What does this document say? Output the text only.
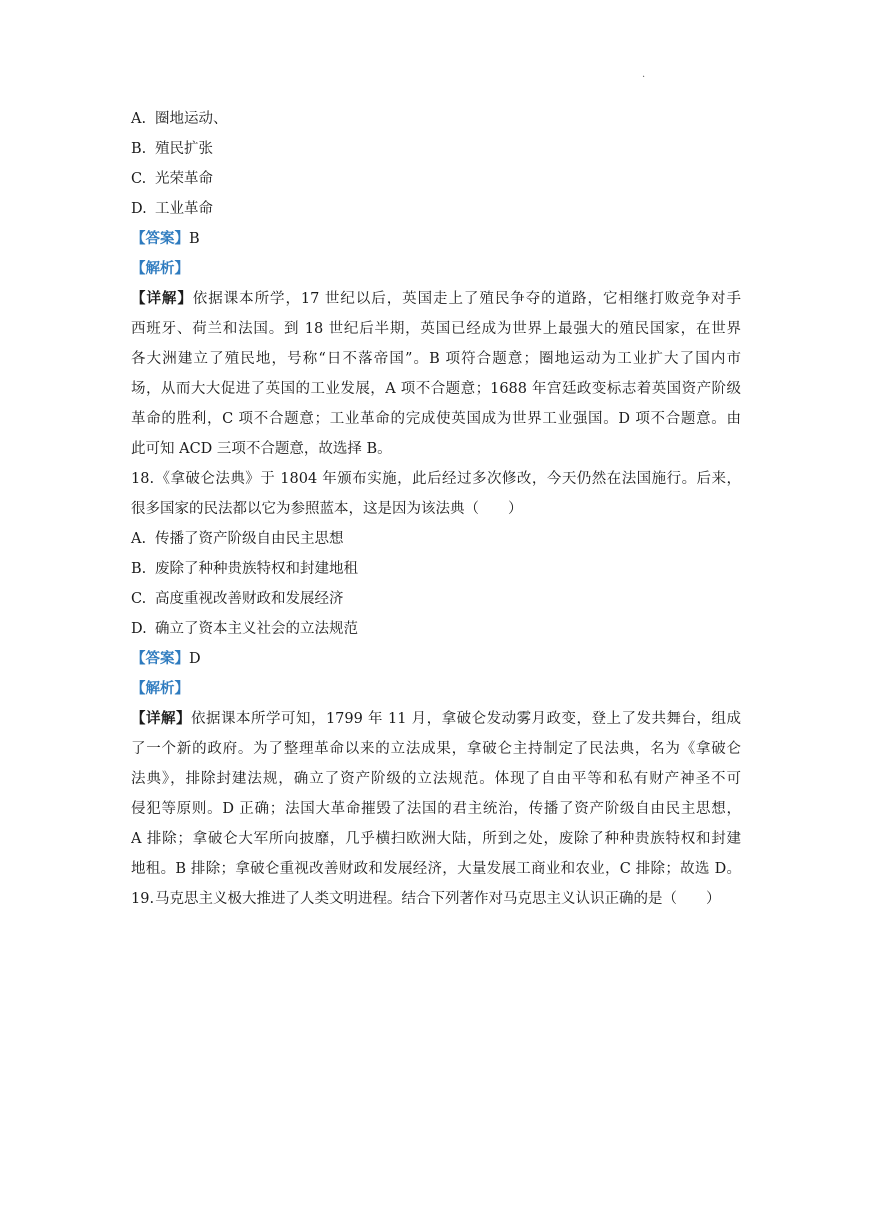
·
A. 圈地运动、
B. 殖民扩张
C. 光荣革命
D. 工业革命
【答案】B
【解析】
【详解】依据课本所学，17 世纪以后，英国走上了殖民争夺的道路，它相继打败竞争对手
西班牙、荷兰和法国。到 18 世纪后半期，英国已经成为世界上最强大的殖民国家，在世界
各大洲建立了殖民地，号称“日不落帝国”。B 项符合题意；圈地运动为工业扩大了国内市
场，从而大大促进了英国的工业发展，A 项不合题意；1688 年宫廷政变标志着英国资产阶级
革命的胜利，C 项不合题意；工业革命的完成使英国成为世界工业强国。D 项不合题意。由
此可知 ACD 三项不合题意，故选择 B。
18.《拿破仑法典》于 1804 年颁布实施，此后经过多次修改，今天仍然在法国施行。后来，
很多国家的民法都以它为参照蓝本，这是因为该法典（　　）
A. 传播了资产阶级自由民主思想
B. 废除了种种贵族特权和封建地租
C. 高度重视改善财政和发展经济
D. 确立了资本主义社会的立法规范
【答案】D
【解析】
【详解】依据课本所学可知，1799 年 11 月，拿破仑发动雾月政变，登上了发共舞台，组成
了一个新的政府。为了整理革命以来的立法成果，拿破仑主持制定了民法典，名为《拿破仑
法典》，排除封建法规，确立了资产阶级的立法规范。体现了自由平等和私有财产神圣不可
侵犯等原则。D 正确；法国大革命摧毁了法国的君主统治，传播了资产阶级自由民主思想，
A 排除；拿破仑大军所向披靡，几乎横扫欧洲大陆，所到之处，废除了种种贵族特权和封建
地租。B 排除；拿破仑重视改善财政和发展经济，大量发展工商业和农业，C 排除；故选 D。
19.马克思主义极大推进了人类文明进程。结合下列著作对马克思主义认识正确的是（　　）
